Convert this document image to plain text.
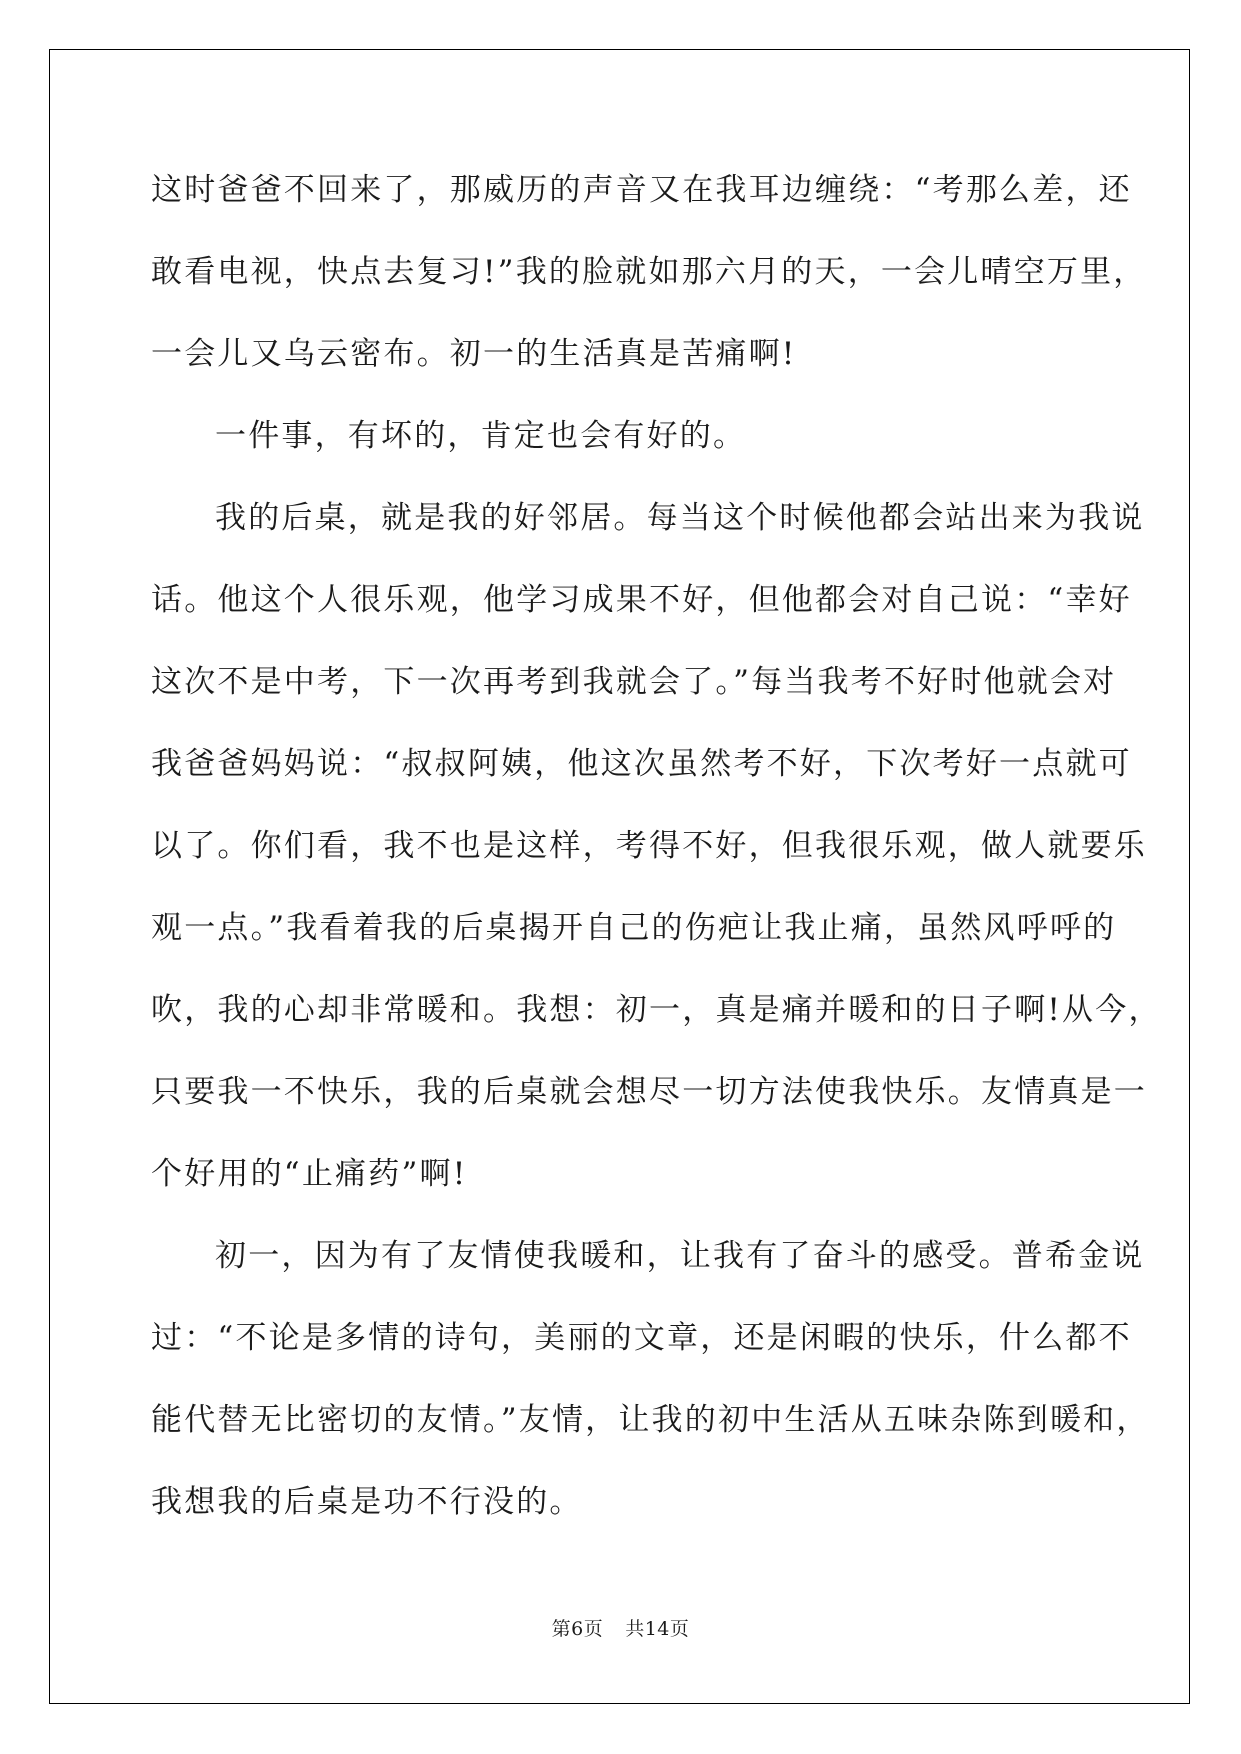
这时爸爸不回来了，那威历的声音又在我耳边缠绕：“考那么差，还
敢看电视，快点去复习!”我的脸就如那六月的天，一会儿晴空万里，
一会儿又乌云密布。初一的生活真是苦痛啊!
一件事，有坏的，肯定也会有好的。
我的后桌，就是我的好邻居。每当这个时候他都会站出来为我说
话。他这个人很乐观，他学习成果不好，但他都会对自己说：“幸好
这次不是中考，下一次再考到我就会了。”每当我考不好时他就会对
我爸爸妈妈说：“叔叔阿姨，他这次虽然考不好，下次考好一点就可
以了。你们看，我不也是这样，考得不好，但我很乐观，做人就要乐
观一点。”我看着我的后桌揭开自己的伤疤让我止痛，虽然风呼呼的
吹，我的心却非常暖和。我想：初一，真是痛并暖和的日子啊!从今，
只要我一不快乐，我的后桌就会想尽一切方法使我快乐。友情真是一
个好用的“止痛药”啊!
初一，因为有了友情使我暖和，让我有了奋斗的感受。普希金说
过：“不论是多情的诗句，美丽的文章，还是闲暇的快乐，什么都不
能代替无比密切的友情。”友情，让我的初中生活从五味杂陈到暖和，
我想我的后桌是功不行没的。
第6页 共14页
